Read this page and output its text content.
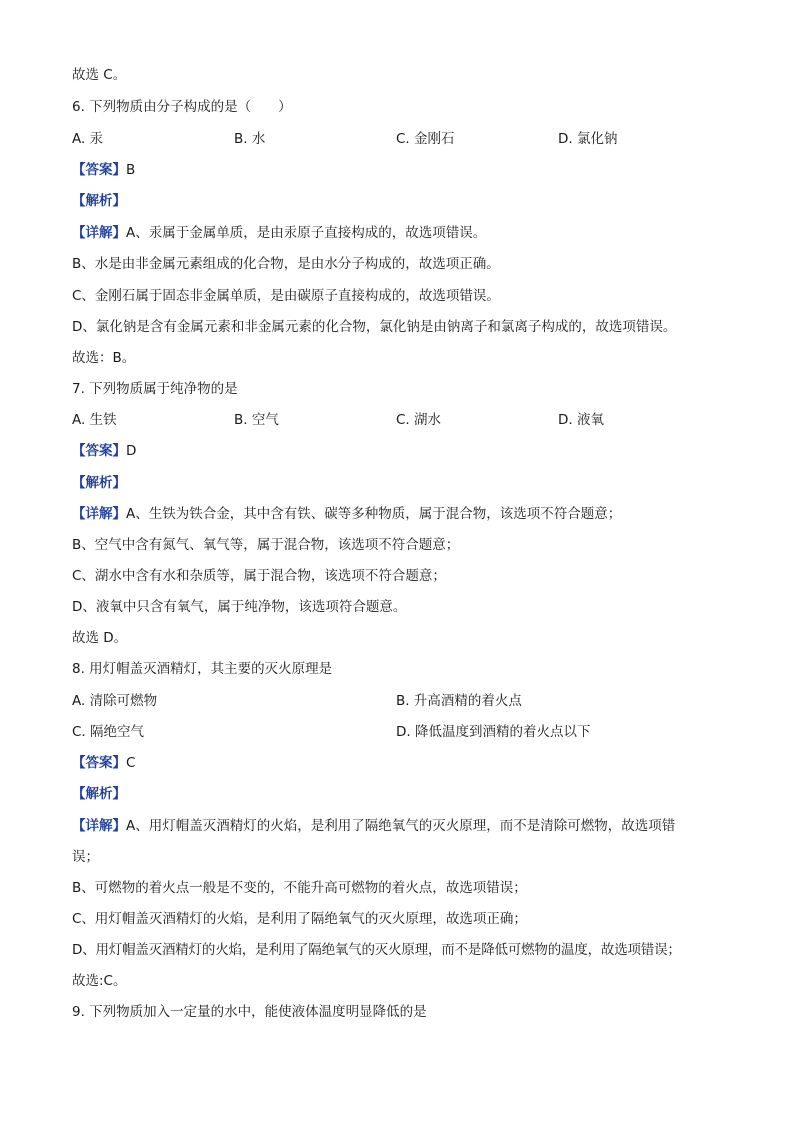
故选 C。
6. 下列物质由分子构成的是（　　）
A. 汞	B. 水	C. 金刚石	D. 氯化钠
【答案】B
【解析】
【详解】A、汞属于金属单质，是由汞原子直接构成的，故选项错误。
B、水是由非金属元素组成的化合物，是由水分子构成的，故选项正确。
C、金刚石属于固态非金属单质，是由碳原子直接构成的，故选项错误。
D、氯化钠是含有金属元素和非金属元素的化合物，氯化钠是由钠离子和氯离子构成的，故选项错误。
故选：B。
7. 下列物质属于纯净物的是
A. 生铁	B. 空气	C. 湖水	D. 液氧
【答案】D
【解析】
【详解】A、生铁为铁合金，其中含有铁、碳等多种物质，属于混合物，该选项不符合题意；
B、空气中含有氮气、氧气等，属于混合物，该选项不符合题意；
C、湖水中含有水和杂质等，属于混合物，该选项不符合题意；
D、液氧中只含有氧气，属于纯净物，该选项符合题意。
故选 D。
8. 用灯帽盖灭酒精灯，其主要的灭火原理是
A. 清除可燃物	B. 升高酒精的着火点
C. 隔绝空气	D. 降低温度到酒精的着火点以下
【答案】C
【解析】
【详解】A、用灯帽盖灭酒精灯的火焰，是利用了隔绝氧气的灭火原理，而不是清除可燃物，故选项错
误；
B、可燃物的着火点一般是不变的，不能升高可燃物的着火点，故选项错误；
C、用灯帽盖灭酒精灯的火焰，是利用了隔绝氧气的灭火原理，故选项正确；
D、用灯帽盖灭酒精灯的火焰，是利用了隔绝氧气的灭火原理，而不是降低可燃物的温度，故选项错误；
故选:C。
9. 下列物质加入一定量的水中，能使液体温度明显降低的是
